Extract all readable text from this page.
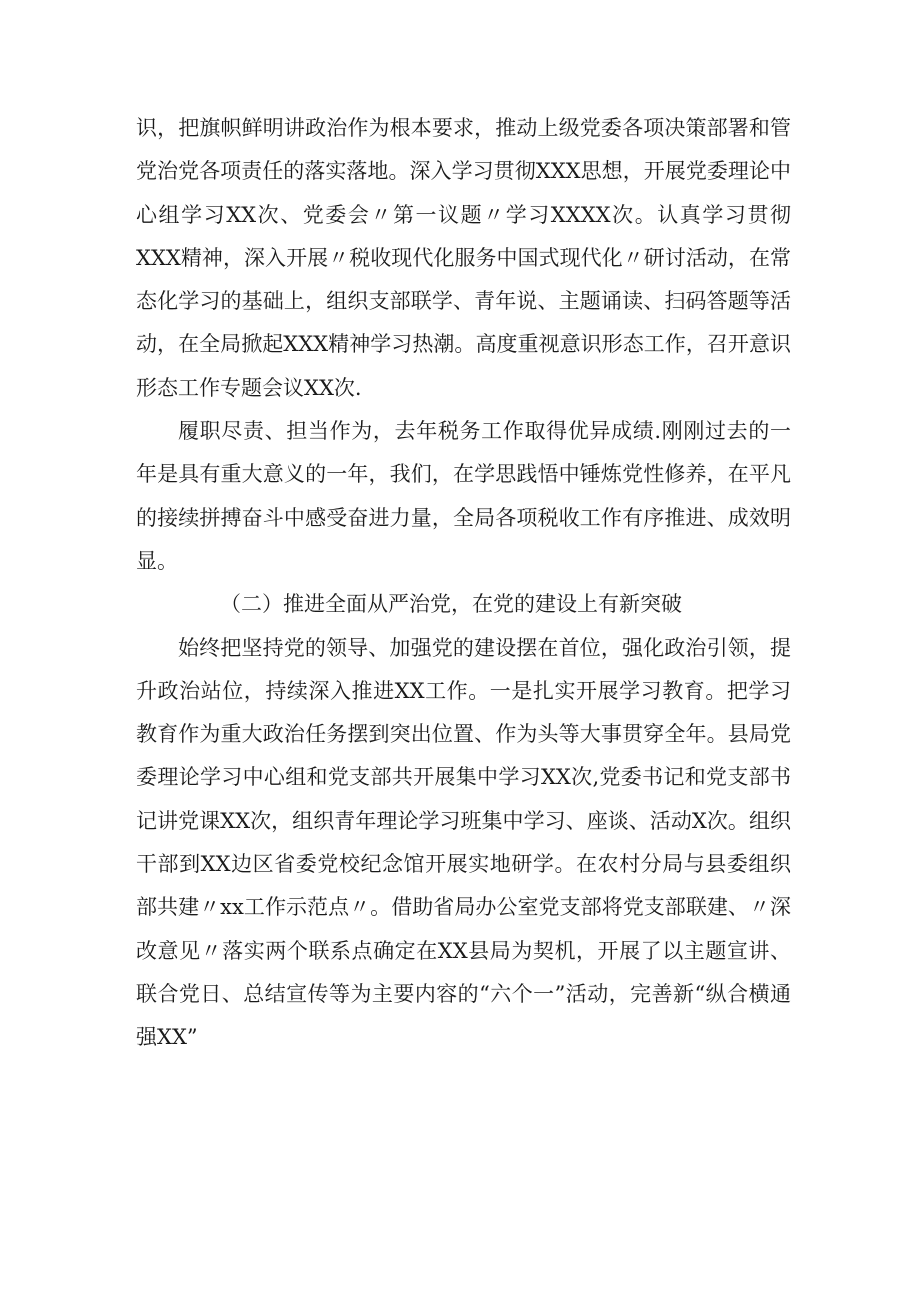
识，把旗帜鲜明讲政治作为根本要求，推动上级党委各项决策部署和管党治党各项责任的落实落地。深入学习贯彻XXX思想，开展党委理论中心组学习XX次、党委会〃第一议题〃学习XXXX次。认真学习贯彻XXX精神，深入开展〃税收现代化服务中国式现代化〃研讨活动，在常态化学习的基础上，组织支部联学、青年说、主题诵读、扫码答题等活动，在全局掀起XXX精神学习热潮。高度重视意识形态工作，召开意识形态工作专题会议XX次.

履职尽责、担当作为，去年税务工作取得优异成绩.刚刚过去的一年是具有重大意义的一年，我们，在学思践悟中锤炼党性修养，在平凡的接续拼搏奋斗中感受奋进力量，全局各项税收工作有序推进、成效明显。

（二）推进全面从严治党，在党的建设上有新突破

始终把坚持党的领导、加强党的建设摆在首位，强化政治引领，提升政治站位，持续深入推进XX工作。一是扎实开展学习教育。把学习教育作为重大政治任务摆到突出位置、作为头等大事贯穿全年。县局党委理论学习中心组和党支部共开展集中学习XX次,党委书记和党支部书记讲党课XX次，组织青年理论学习班集中学习、座谈、活动X次。组织干部到XX边区省委党校纪念馆开展实地研学。在农村分局与县委组织部共建〃xx工作示范点〃。借助省局办公室党支部将党支部联建、〃深改意见〃落实两个联系点确定在XX县局为契机，开展了以主题宣讲、联合党日、总结宣传等为主要内容的“六个一”活动，完善新“纵合横通强XX”
